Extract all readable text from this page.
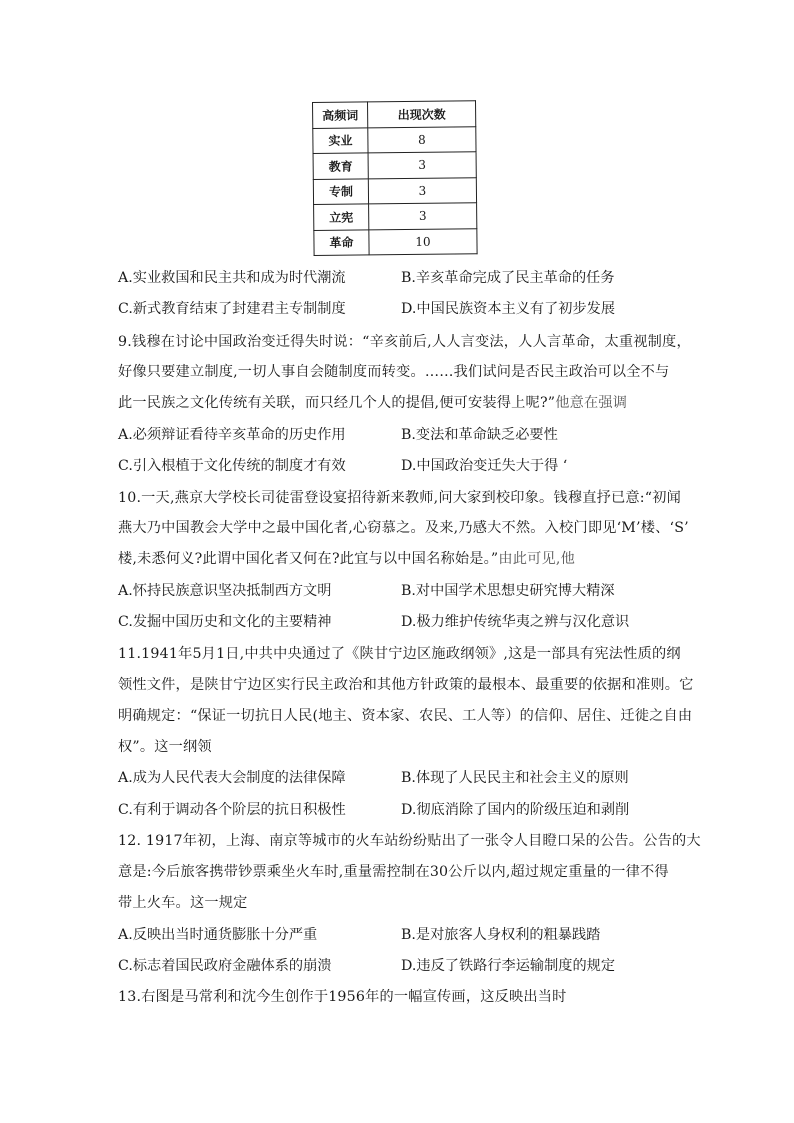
高频词	出现次数
实业	8
教育	3
专制	3
立宪	3
革命	10
A.实业救国和民主共和成为时代潮流	B.辛亥革命完成了民主革命的任务
C.新式教育结束了封建君主专制制度	D.中国民族资本主义有了初步发展
9.钱穆在讨论中国政治变迁得失时说：“辛亥前后,人人言变法，人人言革命，太重视制度，
好像只要建立制度,一切人事自会随制度而转变。……我们试问是否民主政治可以全不与
此一民族之文化传统有关联，而只经几个人的提倡,便可安装得上呢?”他意在强调
A.必须辩证看待辛亥革命的历史作用	B.变法和革命缺乏必要性
C.引入根植于文化传统的制度才有效	D.中国政治变迁失大于得 ‘
10.一天,燕京大学校长司徒雷登设宴招待新来教师,问大家到校印象。钱穆直抒已意:“初闻
燕大乃中国教会大学中之最中国化者,心窃慕之。及来,乃感大不然。入校门即见‘M’楼、‘S’
楼,未悉何义?此谓中国化者又何在?此宜与以中国名称始是。”由此可见,他
A.怀持民族意识坚决抵制西方文明	B.对中国学术思想史研究博大精深
C.发掘中国历史和文化的主要精神	D.极力维护传统华夷之辨与汉化意识
11.1941年5月1日,中共中央通过了《陕甘宁边区施政纲领》,这是一部具有宪法性质的纲
领性文件，是陕甘宁边区实行民主政治和其他方针政策的最根本、最重要的依据和准则。它
明确规定：“保证一切抗日人民(地主、资本家、农民、工人等）的信仰、居住、迁徙之自由
权”。这一纲领
A.成为人民代表大会制度的法律保障	B.体现了人民民主和社会主义的原则
C.有利于调动各个阶层的抗日积极性	D.彻底消除了国内的阶级压迫和剥削
12. 1917年初，上海、南京等城市的火车站纷纷贴出了一张令人目瞪口呆的公告。公告的大
意是:今后旅客携带钞票乘坐火车时,重量需控制在30公斤以内,超过规定重量的一律不得
带上火车。这一规定
A.反映出当时通货膨胀十分严重	B.是对旅客人身权利的粗暴践踏
C.标志着国民政府金融体系的崩溃	D.违反了铁路行李运输制度的规定
13.右图是马常利和沈今生创作于1956年的一幅宣传画，这反映出当时
